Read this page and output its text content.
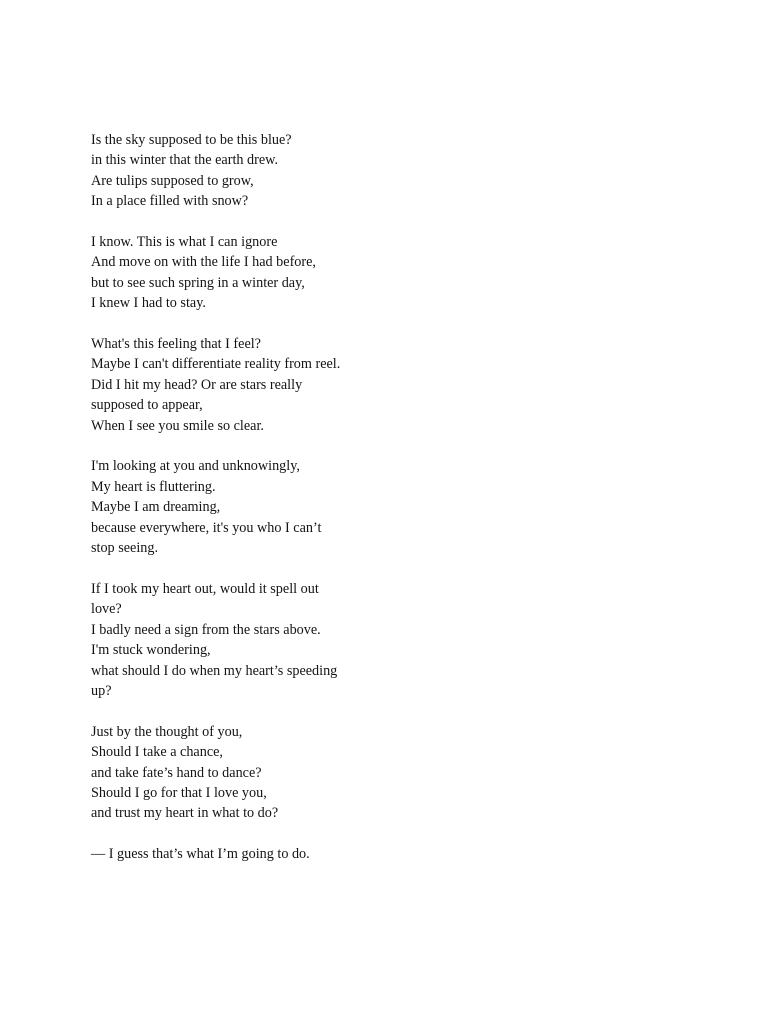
Is the sky supposed to be this blue?
in this winter that the earth drew.
Are tulips supposed to grow,
In a place filled with snow?
I know. This is what I can ignore
And move on with the life I had before,
but to see such spring in a winter day,
I knew I had to stay.
What's this feeling that I feel?
Maybe I can't differentiate reality from reel.
Did I hit my head? Or are stars really
supposed to appear,
When I see you smile so clear.
I'm looking at you and unknowingly,
My heart is fluttering.
Maybe I am dreaming,
because everywhere, it's you who I can’t
stop seeing.
If I took my heart out, would it spell out
love?
I badly need a sign from the stars above.
I'm stuck wondering,
what should I do when my heart’s speeding
up?
Just by the thought of you,
Should I take a chance,
and take fate’s hand to dance?
Should I go for that I love you,
and trust my heart in what to do?
— I guess that’s what I’m going to do.
